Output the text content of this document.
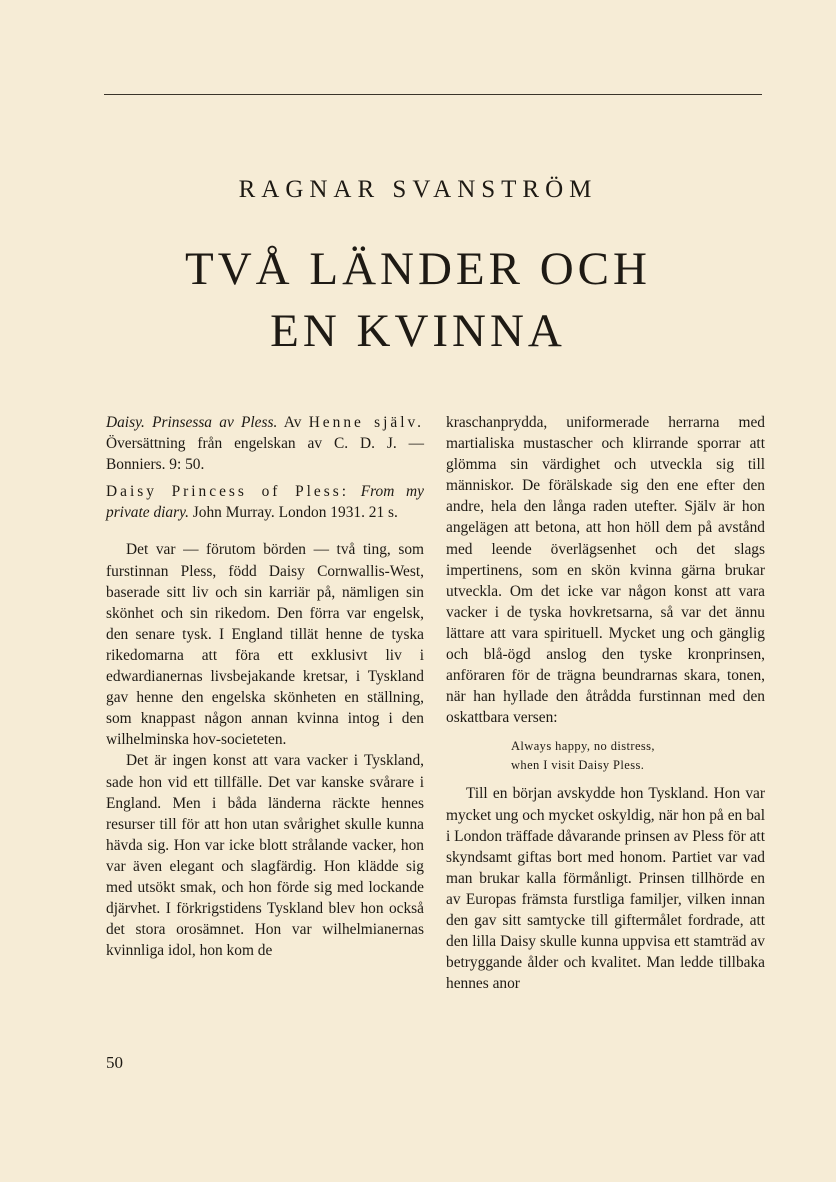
RAGNAR SVANSTRÖM
TVÅ LÄNDER OCH
EN KVINNA

Daisy. Prinsessa av Pless. Av Henne själv. Översättning från engelskan av C. D. J. — Bonniers. 9: 50.

Daisy Princess of Pless: From my private diary. John Murray. London 1931. 21 s.

Det var — förutom börden — två ting, som furstinnan Pless, född Daisy Cornwallis-West, baserade sitt liv och sin karriär på, nämligen sin skönhet och sin rikedom. Den förra var engelsk, den senare tysk. I England tillät henne de tyska rikedomarna att föra ett exklusivt liv i edwardianernas livsbejakande kretsar, i Tyskland gav henne den engelska skönheten en ställning, som knappast någon annan kvinna intog i den wilhelminska hov-societeten.

Det är ingen konst att vara vacker i Tyskland, sade hon vid ett tillfälle. Det var kanske svårare i England. Men i båda länderna räckte hennes resurser till för att hon utan svårighet skulle kunna hävda sig. Hon var icke blott strålande vacker, hon var även elegant och slagfärdig. Hon klädde sig med utsökt smak, och hon förde sig med lockande djärvhet. I förkrigstidens Tyskland blev hon också det stora orosämnet. Hon var wilhelmianernas kvinnliga idol, hon kom de

kraschanprydda, uniformerade herrarna med martialiska mustascher och klirrande sporrar att glömma sin värdighet och utveckla sig till människor. De förälskade sig den ene efter den andre, hela den långa raden utefter. Själv är hon angelägen att betona, att hon höll dem på avstånd med leende överlägsenhet och det slags impertinens, som en skön kvinna gärna brukar utveckla. Om det icke var någon konst att vara vacker i de tyska hovkretsarna, så var det ännu lättare att vara spirituell. Mycket ung och gänglig och blå-ögd anslog den tyske kronprinsen, anföraren för de trägna beundrarnas skara, tonen, när han hyllade den åtrådda furstinnan med den oskattbara versen:

Always happy, no distress,
when I visit Daisy Pless.

Till en början avskydde hon Tyskland. Hon var mycket ung och mycket oskyldig, när hon på en bal i London träffade dåvarande prinsen av Pless för att skyndsamt giftas bort med honom. Partiet var vad man brukar kalla förmånligt. Prinsen tillhörde en av Europas främsta furstliga familjer, vilken innan den gav sitt samtycke till giftermålet fordrade, att den lilla Daisy skulle kunna uppvisa ett stamträd av betryggande ålder och kvalitet. Man ledde tillbaka hennes anor

50
